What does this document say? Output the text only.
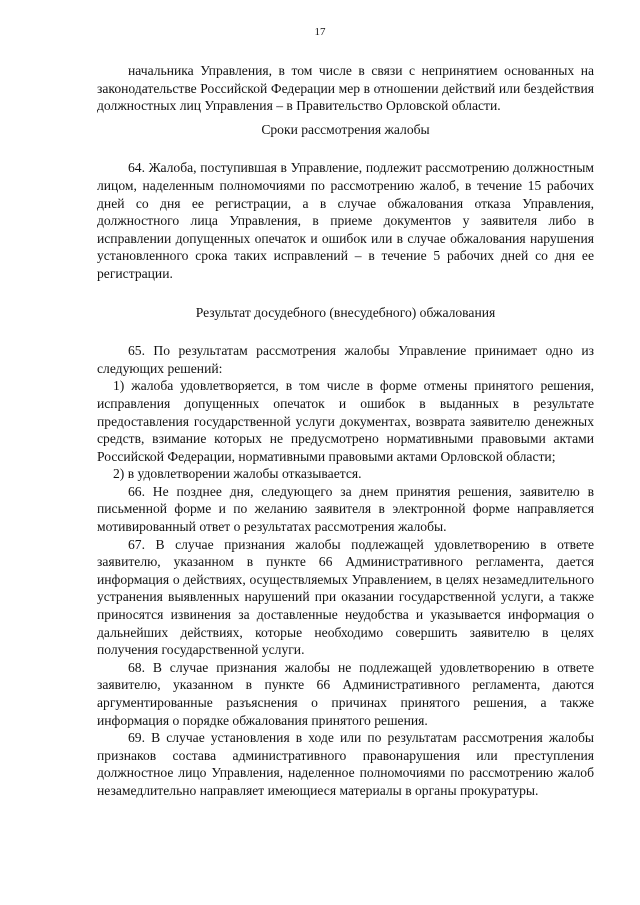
17

начальника Управления, в том числе в связи с непринятием основанных на законодательстве Российской Федерации мер в отношении действий или бездействия должностных лиц Управления – в Правительство Орловской области.

Сроки рассмотрения жалобы

64. Жалоба, поступившая в Управление, подлежит рассмотрению должностным лицом, наделенным полномочиями по рассмотрению жалоб, в течение 15 рабочих дней со дня ее регистрации, а в случае обжалования отказа Управления, должностного лица Управления, в приеме документов у заявителя либо в исправлении допущенных опечаток и ошибок или в случае обжалования нарушения установленного срока таких исправлений – в течение 5 рабочих дней со дня ее регистрации.

Результат досудебного (внесудебного) обжалования

65. По результатам рассмотрения жалобы Управление принимает одно из следующих решений:

1) жалоба удовлетворяется, в том числе в форме отмены принятого решения, исправления допущенных опечаток и ошибок в выданных в результате предоставления государственной услуги документах, возврата заявителю денежных средств, взимание которых не предусмотрено нормативными правовыми актами Российской Федерации, нормативными правовыми актами Орловской области;

2) в удовлетворении жалобы отказывается.

66. Не позднее дня, следующего за днем принятия решения, заявителю в письменной форме и по желанию заявителя в электронной форме направляется мотивированный ответ о результатах рассмотрения жалобы.

67. В случае признания жалобы подлежащей удовлетворению в ответе заявителю, указанном в пункте 66 Административного регламента, дается информация о действиях, осуществляемых Управлением, в целях незамедлительного устранения выявленных нарушений при оказании государственной услуги, а также приносятся извинения за доставленные неудобства и указывается информация о дальнейших действиях, которые необходимо совершить заявителю в целях получения государственной услуги.

68. В случае признания жалобы не подлежащей удовлетворению в ответе заявителю, указанном в пункте 66 Административного регламента, даются аргументированные разъяснения о причинах принятого решения, а также информация о порядке обжалования принятого решения.

69. В случае установления в ходе или по результатам рассмотрения жалобы признаков состава административного правонарушения или преступления должностное лицо Управления, наделенное полномочиями по рассмотрению жалоб незамедлительно направляет имеющиеся материалы в органы прокуратуры.
